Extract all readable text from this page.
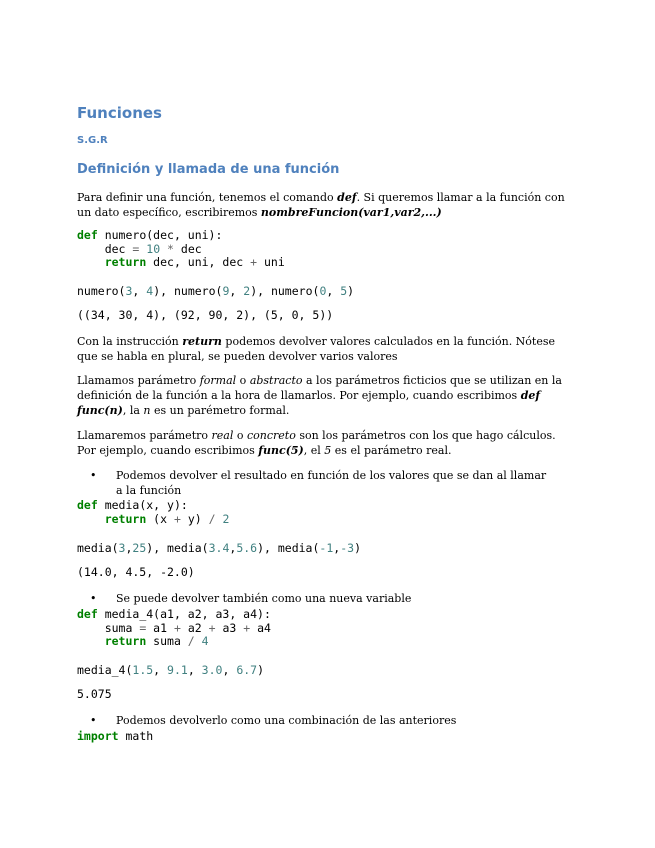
Funciones
S.G.R
Definición y llamada de una función
Para definir una función, tenemos el comando def. Si queremos llamar a la función con un dato específico, escribiremos nombreFuncion(var1,var2,...)
def numero(dec, uni):
dec = 10 * dec
return dec, uni, dec + uni
numero(3, 4), numero(9, 2), numero(0, 5)
((34, 30, 4), (92, 90, 2), (5, 0, 5))
Con la instrucción return podemos devolver valores calculados en la función. Nótese que se habla en plural, se pueden devolver varios valores
Llamamos parámetro formal o abstracto a los parámetros ficticios que se utilizan en la definición de la función a la hora de llamarlos. Por ejemplo, cuando escribimos def func(n), la n es un parémetro formal.
Llamaremos parámetro real o concreto son los parámetros con los que hago cálculos. Por ejemplo, cuando escribimos func(5), el 5 es el parámetro real.
• Podemos devolver el resultado en función de los valores que se dan al llamar a la función
def media(x, y):
return (x + y) / 2
media(3,25), media(3.4,5.6), media(-1,-3)
(14.0, 4.5, -2.0)
• Se puede devolver también como una nueva variable
def media_4(a1, a2, a3, a4):
suma = a1 + a2 + a3 + a4
return suma / 4
media_4(1.5, 9.1, 3.0, 6.7)
5.075
• Podemos devolverlo como una combinación de las anteriores
import math
